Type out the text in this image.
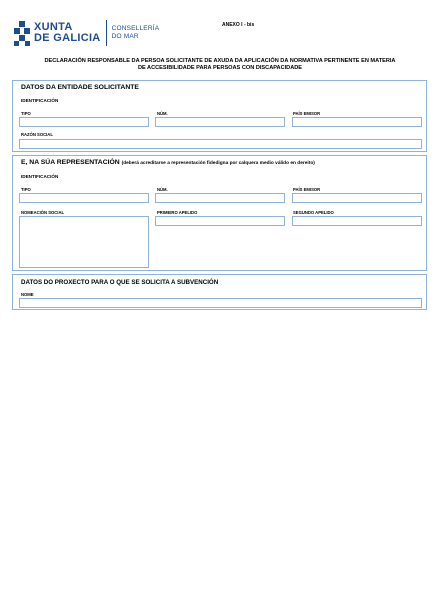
XUNTA
DE GALICIA
CONSELLERÍA
DO MAR
ANEXO I - bis
DECLARACIÓN RESPONSABLE DA PERSOA SOLICITANTE DE AXUDA DA APLICACIÓN DA NORMATIVA PERTINENTE EN MATERIA
DE ACCESIBILIDADE PARA PERSOAS CON DISCAPACIDADE
DATOS DA ENTIDADE SOLICITANTE
IDENTIFICACIÓN
TIPO	NÚM.	PAÍS EMISOR
RAZÓN SOCIAL
E, NA SÚA REPRESENTACIÓN (deberá acreditarse a representación fidedigna por calquera medio válido en dereito)
IDENTIFICACIÓN
TIPO	NÚM.	PAÍS EMISOR
NOMEACIÓN SOCIAL	PRIMEIRO APELIDO	SEGUNDO APELIDO
DATOS DO PROXECTO PARA O QUE SE SOLICITA A SUBVENCIÓN
NOME
